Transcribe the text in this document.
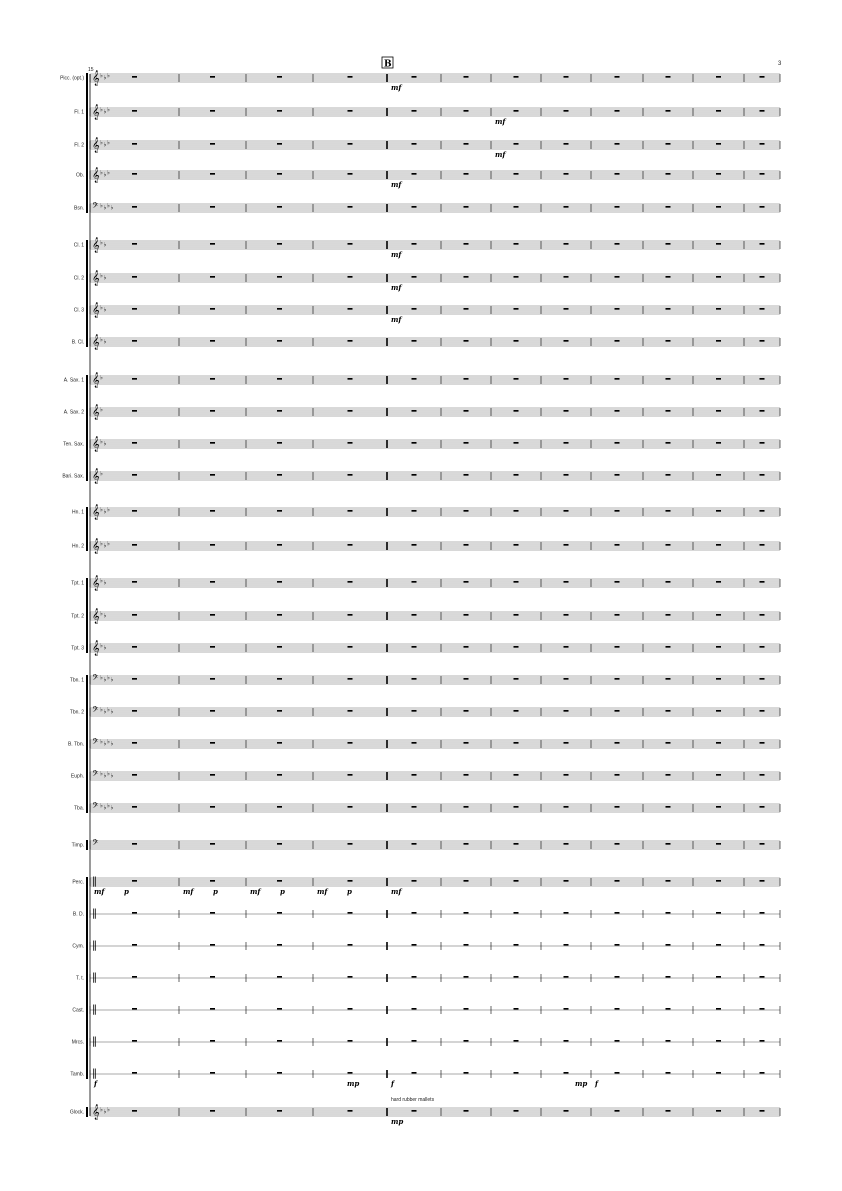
3
15
B
Picc. (opt.) 𝄞 ♭ ♭ ♭
Fl. 1 𝄞 ♭ ♭ ♭
Fl. 2 𝄞 ♭ ♭ ♭
Ob. 𝄞 ♭ ♭ ♭
Bsn. 𝄢 ♭ ♭ ♭ ♭
Cl. 1 𝄞 ♭ ♭
Cl. 2 𝄞 ♭ ♭
Cl. 3 𝄞 ♭ ♭
B. Cl. 𝄞 ♭ ♭
A. Sax. 1 𝄞 ♭
A. Sax. 2 𝄞 ♭
Ten. Sax. 𝄞 ♭ ♭
Bari. Sax. 𝄞 ♭
Hn. 1 𝄞 ♭ ♭ ♭
Hn. 2 𝄞 ♭ ♭ ♭
Tpt. 1 𝄞 ♭ ♭
Tpt. 2 𝄞 ♭ ♭
Tpt. 3 𝄞 ♭ ♭
Tbn. 1 𝄢 ♭ ♭ ♭ ♭
Tbn. 2 𝄢 ♭ ♭ ♭ ♭
B. Tbn. 𝄢 ♭ ♭ ♭ ♭
Euph. 𝄢 ♭ ♭ ♭ ♭
Tba. 𝄢 ♭ ♭ ♭ ♭
Timp. 𝄢
Perc. ‖
B. D. ‖
Cym. ‖
T. t. ‖
Cast. ‖
Mrcs. ‖
Tamb. ‖
Glock. 𝄞 ♭ ♭ ♭
mf
mf
mf
mf
mf
mf
mf
mf	p	mf	p	mf	p	mf	p	mf
f	mp	f	mp f
mp
hard rubber mallets
